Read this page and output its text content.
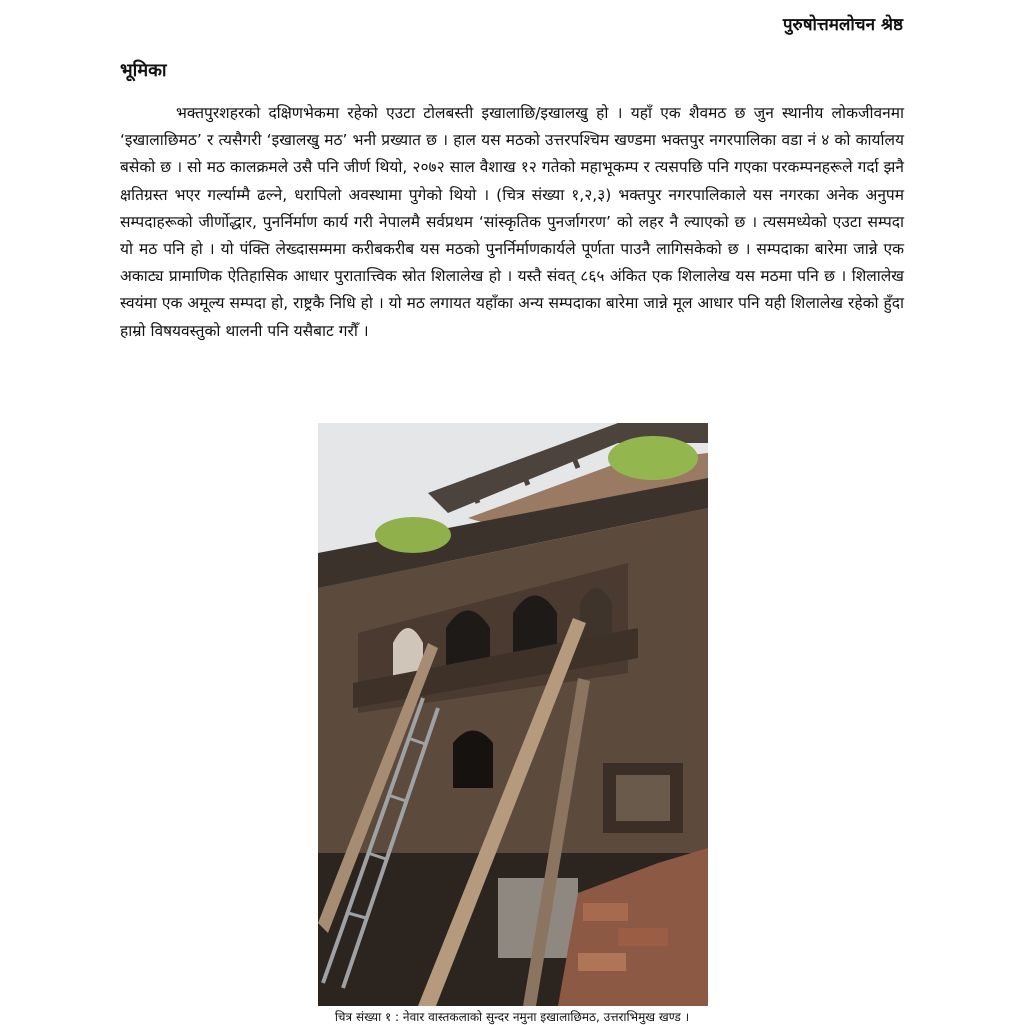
पुरुषोत्तमलोचन श्रेष्ठ
भूमिका

भक्तपुरशहरको दक्षिणभेकमा रहेको एउटा टोलबस्ती इखालाछि/इखालखु हो । यहाँ एक शैवमठ छ जुन स्थानीय लोकजीवनमा ‘इखालाछिमठ’ र त्यसैगरी ‘इखालखु मठ’ भनी प्रख्यात छ । हाल यस मठको उत्तरपश्चिम खण्डमा भक्तपुर नगरपालिका वडा नं ४ को कार्यालय बसेको छ । सो मठ कालक्रमले उसै पनि जीर्ण थियो, २०७२ साल वैशाख १२ गतेको महाभूकम्प र त्यसपछि पनि गएका परकम्पनहरूले गर्दा झनै क्षतिग्रस्त भएर गर्ल्याम्मै ढल्ने, धरापिलो अवस्थामा पुगेको थियो । (चित्र संख्या १,२,३) भक्तपुर नगरपालिकाले यस नगरका अनेक अनुपम सम्पदाहरूको जीर्णोद्धार, पुनर्निर्माण कार्य गरी नेपालमै सर्वप्रथम ‘सांस्कृतिक पुनर्जागरण’ को लहर नै ल्याएको छ । त्यसमध्येको एउटा सम्पदा यो मठ पनि हो । यो पंक्ति लेख्दासम्ममा करीबकरीब यस मठको पुनर्निर्माणकार्यले पूर्णता पाउनै लागिसकेको छ । सम्पदाका बारेमा जान्ने एक अकाट्य प्रामाणिक ऐतिहासिक आधार पुरातात्त्विक स्रोत शिलालेख हो । यस्तै संवत् ८६५ अंकित एक शिलालेख यस मठमा पनि छ । शिलालेख स्वयंमा एक अमूल्य सम्पदा हो, राष्ट्रकै निधि हो । यो मठ लगायत यहाँका अन्य सम्पदाका बारेमा जान्ने मूल आधार पनि यही शिलालेख रहेको हुँदा हाम्रो विषयवस्तुको थालनी पनि यसैबाट गरौँ ।

चित्र संख्या १ : नेवार वास्तकलाको सुन्दर नमुना इखालाछिमठ, उत्तराभिमुख खण्ड ।
